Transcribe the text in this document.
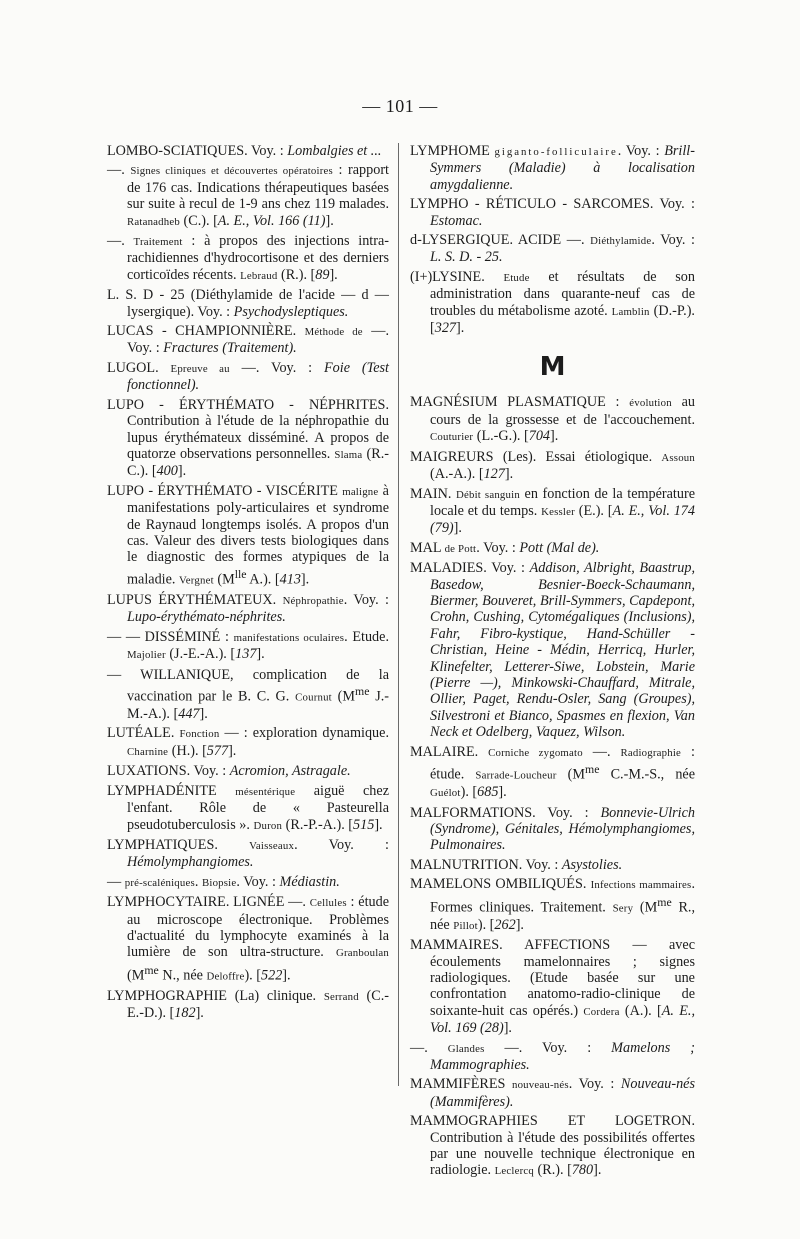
— 101 —

LOMBO-SCIATIQUES. Voy. : Lombalgies et ...

—. Signes cliniques et découvertes opératoires : rapport de 176 cas. Indications thérapeutiques basées sur suite à recul de 1-9 ans chez 119 malades. Ratanadheb (C.). [A. E., Vol. 166 (11)].

—. Traitement : à propos des injections intra-rachidiennes d'hydrocortisone et des derniers corticoïdes récents. Lebraud (R.). [89].

L. S. D - 25 (Diéthylamide de l'acide — d — lysergique). Voy. : Psychodysleptiques.

LUCAS - CHAMPIONNIÈRE. Méthode de —. Voy. : Fractures (Traitement).

LUGOL. Epreuve au —. Voy. : Foie (Test fonctionnel).

LUPO - ÉRYTHÉMATO - NÉPHRITES. Contribution à l'étude de la néphropathie du lupus érythémateux disséminé. A propos de quatorze observations personnelles. Slama (R.-C.). [400].

LUPO - ÉRYTHÉMATO - VISCÉRITE maligne à manifestations poly-articulaires et syndrome de Raynaud longtemps isolés. A propos d'un cas. Valeur des divers tests biologiques dans le diagnostic des formes atypiques de la maladie. Vergnet ($M^{lle}$ A.). [413].

LUPUS ÉRYTHÉMATEUX. Néphropathie. Voy. : Lupo-érythémato-néphrites.

— — DISSÉMINÉ : manifestations oculaires. Etude. Majolier (J.-E.-A.). [137].

— WILLANIQUE, complication de la vaccination par le B. C. G. Cournut ($M^{me}$ J.-M.-A.). [447].

LUTÉALE. Fonction — : exploration dynamique. Charnine (H.). [577].

LUXATIONS. Voy. : Acromion, Astragale.

LYMPHADÉNITE mésentérique aiguë chez l'enfant. Rôle de « Pasteurella pseudotuberculosis ». Duron (R.-P.-A.). [515].

LYMPHATIQUES. Vaisseaux. Voy. : Hémolymphangiomes.

— pré-scaléniques. Biopsie. Voy. : Médiastin.

LYMPHOCYTAIRE. LIGNÉE —. Cellules : étude au microscope électronique. Problèmes d'actualité du lymphocyte examinés à la lumière de son ultra-structure. Granboulan ($M^{me}$ N., née Deloffre). [522].

LYMPHOGRAPHIE (La) clinique. Serrand (C.-E.-D.). [182].

LYMPHOME giganto-folliculaire. Voy. : Brill-Symmers (Maladie) à localisation amygdalienne.

LYMPHO - RÉTICULO - SARCOMES. Voy. : Estomac.

d-LYSERGIQUE. ACIDE —. Diéthylamide. Voy. : L. S. D. - 25.

(I+)LYSINE. Etude et résultats de son administration dans quarante-neuf cas de troubles du métabolisme azoté. Lamblin (D.-P.). [327].

M

MAGNÉSIUM PLASMATIQUE : évolution au cours de la grossesse et de l'accouchement. Couturier (L.-G.). [704].

MAIGREURS (Les). Essai étiologique. Assoun (A.-A.). [127].

MAIN. Débit sanguin en fonction de la température locale et du temps. Kessler (E.). [A. E., Vol. 174 (79)].

MAL de Pott. Voy. : Pott (Mal de).

MALADIES. Voy. : Addison, Albright, Baastrup, Basedow, Besnier-Boeck-Schaumann, Biermer, Bouveret, Brill-Symmers, Capdepont, Crohn, Cushing, Cytomégaliques (Inclusions), Fahr, Fibro-kystique, Hand-Schüller - Christian, Heine - Médin, Herricq, Hurler, Klinefelter, Letterer-Siwe, Lobstein, Marie (Pierre —), Minkowski-Chauffard, Mitrale, Ollier, Paget, Rendu-Osler, Sang (Groupes), Silvestroni et Bianco, Spasmes en flexion, Van Neck et Odelberg, Vaquez, Wilson.

MALAIRE. Corniche zygomato —. Radiographie : étude. Sarrade-Loucheur ($M^{me}$ C.-M.-S., née Guélot). [685].

MALFORMATIONS. Voy. : Bonnevie-Ulrich (Syndrome), Génitales, Hémolymphangiomes, Pulmonaires.

MALNUTRITION. Voy. : Asystolies.

MAMELONS OMBILIQUÉS. Infections mammaires. Formes cliniques. Traitement. Sery ($M^{me}$ R., née Pillot). [262].

MAMMAIRES. AFFECTIONS — avec écoulements mamelonnaires ; signes radiologiques. (Etude basée sur une confrontation anatomo-radio-clinique de soixante-huit cas opérés.) Cordera (A.). [A. E., Vol. 169 (28)].

—. Glandes —. Voy. : Mamelons ; Mammographies.

MAMMIFÈRES nouveau-nés. Voy. : Nouveau-nés (Mammifères).

MAMMOGRAPHIES ET LOGETRON. Contribution à l'étude des possibilités offertes par une nouvelle technique électronique en radiologie. Leclercq (R.). [780].
